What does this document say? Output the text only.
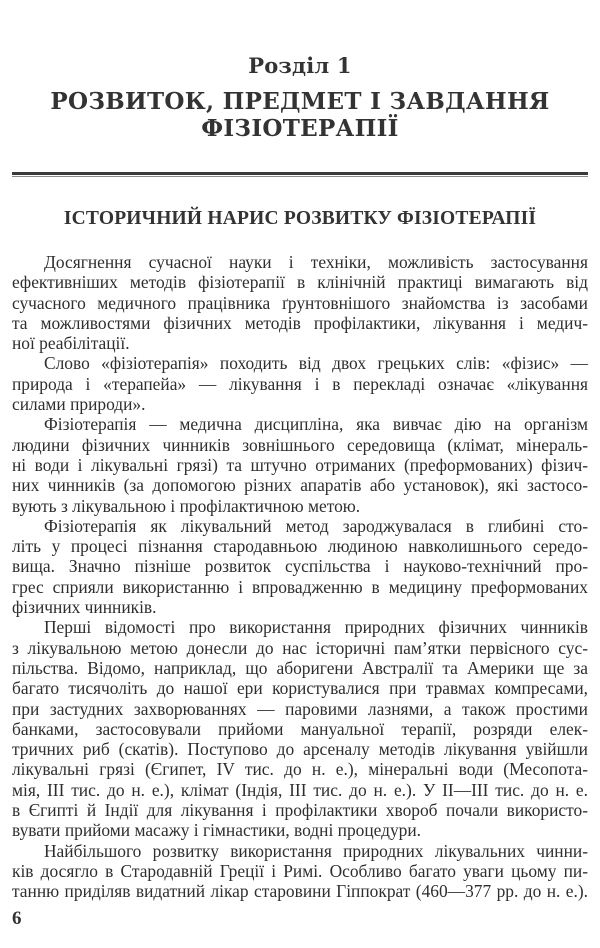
Розділ 1
РОЗВИТОК, ПРЕДМЕТ І ЗАВДАННЯ
ФІЗІОТЕРАПІЇ
ІСТОРИЧНИЙ НАРИС РОЗВИТКУ ФІЗІОТЕРАПІЇ
Досягнення сучасної науки і техніки, можливість застосування
ефективніших методів фізіотерапії в клінічній практиці вимагають від
сучасного медичного працівника ґрунтовнішого знайомства із засобами
та можливостями фізичних методів профілактики, лікування і медич-
ної реабілітації.
Слово «фізіотерапія» походить від двох грецьких слів: «фізис» —
природа і «терапейа» — лікування і в перекладі означає «лікування
силами природи».
Фізіотерапія — медична дисципліна, яка вивчає дію на організм
людини фізичних чинників зовнішнього середовища (клімат, мінераль-
ні води і лікувальні грязі) та штучно отриманих (преформованих) фізич-
них чинників (за допомогою різних апаратів або установок), які застосо-
вують з лікувальною і профілактичною метою.
Фізіотерапія як лікувальний метод зароджувалася в глибині сто-
літь у процесі пізнання стародавньою людиною навколишнього середо-
вища. Значно пізніше розвиток суспільства і науково-технічний про-
грес сприяли використанню і впровадженню в медицину преформованих
фізичних чинників.
Перші відомості про використання природних фізичних чинників
з лікувальною метою донесли до нас історичні пам’ятки первісного сус-
пільства. Відомо, наприклад, що аборигени Австралії та Америки ще за
багато тисячоліть до нашої ери користувалися при травмах компресами,
при застудних захворюваннях — паровими лазнями, а також простими
банками, застосовували прийоми мануальної терапії, розряди елек-
тричних риб (скатів). Поступово до арсеналу методів лікування увійшли
лікувальні грязі (Єгипет, IV тис. до н. е.), мінеральні води (Месопота-
мія, III тис. до н. е.), клімат (Індія, III тис. до н. е.). У II—III тис. до н. е.
в Єгипті й Індії для лікування і профілактики хвороб почали використо-
вувати прийоми масажу і гімнастики, водні процедури.
Найбільшого розвитку використання природних лікувальних чинни-
ків досягло в Стародавній Греції і Римі. Особливо багато уваги цьому пи-
танню приділяв видатний лікар старовини Гіппократ (460—377 рр. до н. е.).
6
